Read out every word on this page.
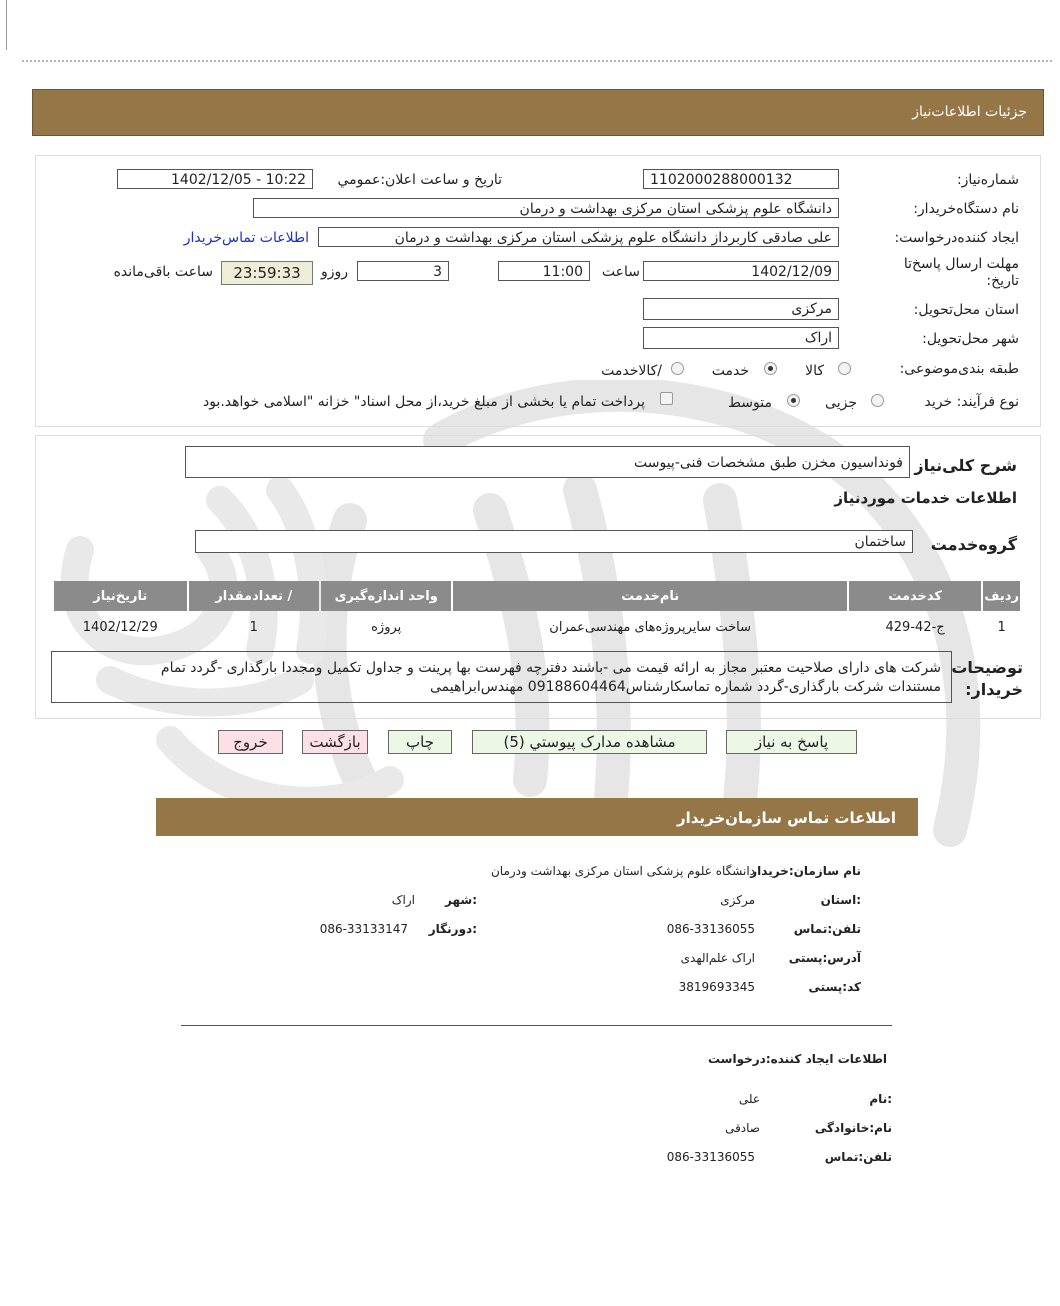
جزئیات اطلاعات‌نیاز
شماره‌نیاز:
1102000288000132
تاريخ و ساعت اعلان:عمومي
1402/12/05 - 10:22
نام دستگاه‌خریدار:
دانشگاه علوم پزشکی استان مرکزی بهداشت و درمان
ایجاد کننده‌درخواست:
علی صادقی کاربرداز دانشگاه علوم پزشکی استان مرکزی بهداشت و درمان
اطلاعات تماس‌خریدار
مهلت ارسال پاسخ‌تا تاریخ:
1402/12/09
ساعت
11:00
3
روزو
23:59:33
ساعت باقی‌مانده
استان محل‌تحویل:
مرکزی
شهر محل‌تحویل:
اراک
طبقه بندی‌موضوعی:
کالا
خدمت
/کالاخدمت
نوع فرآیند: خرید
جزیی
متوسط
پرداخت تمام یا بخشی از مبلغ خرید،از محل اسناد" خزانه "اسلامی خواهد.بود
شرح کلی‌نیاز
فونداسیون مخزن طبق مشخصات فنی-پیوست
اطلاعات خدمات موردنیاز
گروه‌خدمت
ساختمان
ردیف	کدخدمت	نام‌خدمت	واحد اندازه‌گیری	/ تعدادمقدار	تاریخ‌نیاز
1	ج-42-429	ساخت سایرپروژه‌های مهندسی‌عمران	پروژه	1	1402/12/29
توضیحات خریدار:
شرکت های دارای صلاحیت معتبر مجاز به ارائه قیمت می -باشند دفترچه فهرست بها پرینت و جداول تکمیل ومجددا بارگذاری -گردد تمام
مستندات شرکت بارگذاری-گردد شماره تماسکارشناس09188604464 مهندس‌ابراهیمی
پاسخ به نیاز
مشاهده مدارک پیوستي (5)
چاپ
بازگشت
خروج
اطلاعات تماس سازمان‌خریدار
نام سازمان:خریدار
دانشگاه علوم پزشکی استان مرکزی بهداشت ودرمان
:استان
مرکزی
:شهر
اراک
تلفن:تماس
086-33136055
:دورنگار
086-33133147
آدرس:پستی
اراک علم‌الهدی
کد:پستی
3819693345
اطلاعات ایجاد کننده:درخواست
:نام
علی
نام:خانوادگی
صادقی
تلفن:تماس
086-33136055
